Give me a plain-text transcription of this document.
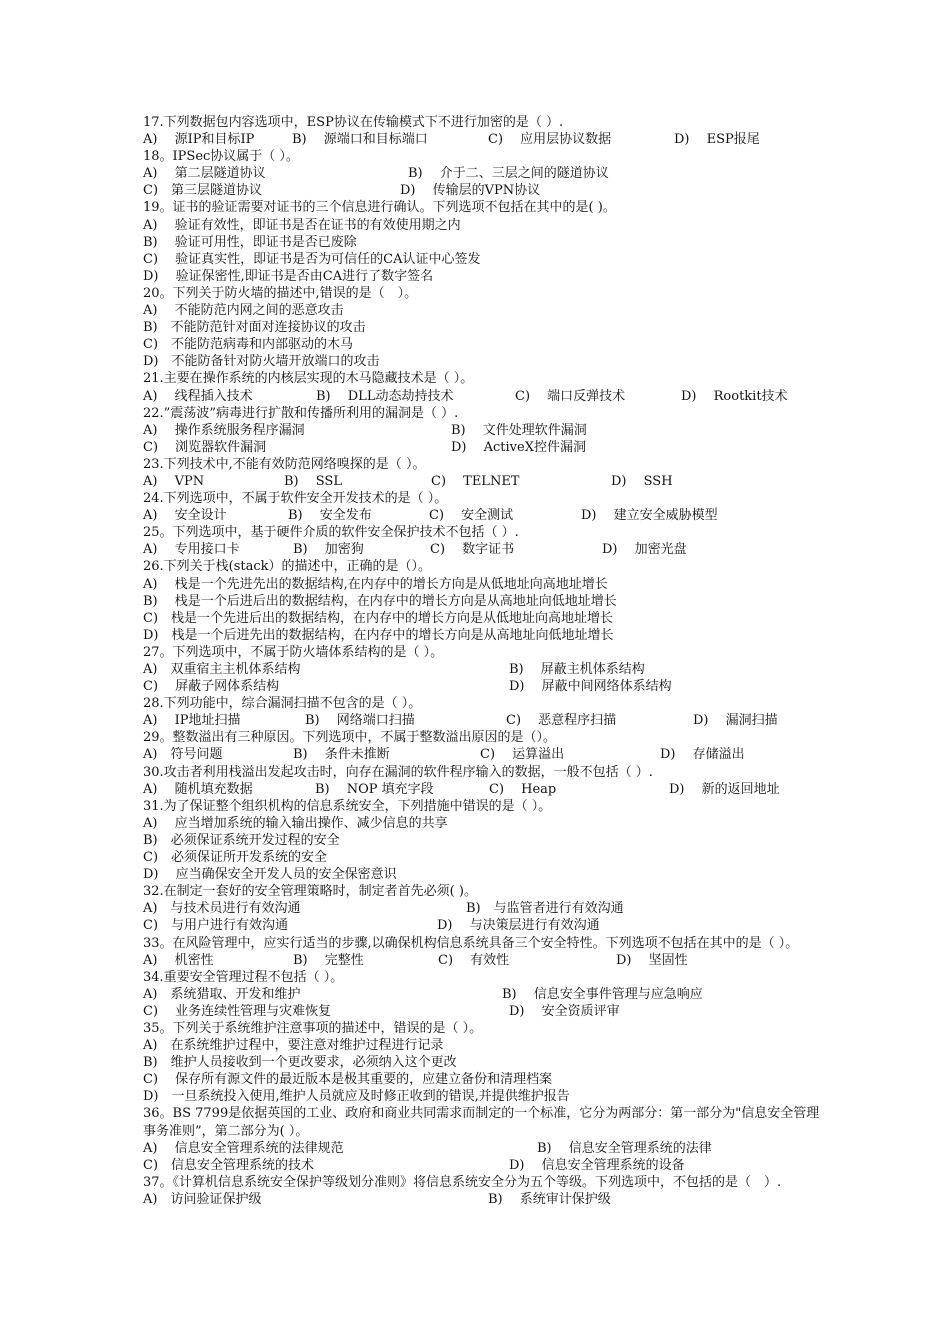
17.下列数据包内容选项中，ESP协议在传输模式下不进行加密的是（ ）.
A)　 源IP和目标IP	B)　 源端口和目标端口	C)　 应用层协议数据	D)　 ESP报尾
18。IPSec协议属于（ ）。
A)　 第二层隧道协议	B)　 介于二、三层之间的隧道协议
C)　第三层隧道协议	D)　 传输层的VPN协议
19。证书的验证需要对证书的三个信息进行确认。下列选项不包括在其中的是( )。
A)　 验证有效性，即证书是否在证书的有效使用期之内
B)　 验证可用性，即证书是否已废除
C)　 验证真实性，即证书是否为可信任的CA认证中心签发
D)　 验证保密性,即证书是否由CA进行了数字签名
20。下列关于防火墙的描述中,错误的是（　）。
A)　 不能防范内网之间的恶意攻击
B)　不能防范针对面对连接协议的攻击
C)　不能防范病毒和内部驱动的木马
D)　不能防备针对防火墙开放端口的攻击
21.主要在操作系统的内核层实现的木马隐藏技术是（ ）。
A)　 线程插入技术	B)　 DLL动态劫持技术	C)　 端口反弹技术	D)　 Rootkit技术
22.”震荡波”病毒进行扩散和传播所利用的漏洞是（ ）.
A)　 操作系统服务程序漏洞	B)　 文件处理软件漏洞
C)　 浏览器软件漏洞	D)　 ActiveX控件漏洞
23.下列技术中,不能有效防范网络嗅探的是（ ）。
A)　 VPN	B)　 SSL	C)　 TELNET	D)　 SSH
24.下列选项中，不属于软件安全开发技术的是（ ）。
A)　 安全设计	B)　 安全发布	C)　 安全测试	D)　 建立安全威胁模型
25。下列选项中，基于硬件介质的软件安全保护技术不包括（ ）.
A)　 专用接口卡	B)　 加密狗	C)　 数字证书	D)　 加密光盘
26.下列关于栈(stack）的描述中，正确的是（）。
A)　 栈是一个先进先出的数据结构,在内存中的增长方向是从低地址向高地址增长
B)　 栈是一个后进后出的数据结构，在内存中的增长方向是从高地址向低地址增长
C)　栈是一个先进后出的数据结构，在内存中的增长方向是从低地址向高地址增长
D)　栈是一个后进先出的数据结构，在内存中的增长方向是从高地址向低地址增长
27。下列选项中，不属于防火墙体系结构的是（ ）。
A)　双重宿主主机体系结构	B)　 屏蔽主机体系结构
C)　 屏蔽子网体系结构	D)　 屏蔽中间网络体系结构
28.下列功能中，综合漏洞扫描不包含的是（ ）。
A)　 IP地址扫描	B)　 网络端口扫描	C)　 恶意程序扫描	D)　 漏洞扫描
29。整数溢出有三种原因。下列选项中，不属于整数溢出原因的是（）。
A)　符号问题	B)　 条件未推断	C)　 运算溢出	D)　 存储溢出
30.攻击者利用栈溢出发起攻击时，向存在漏洞的软件程序输入的数据，一般不包括（ ）.
A)　 随机填充数据	B)　 NOP 填充字段	C)　 Heap	D)　 新的返回地址
31.为了保证整个组织机构的信息系统安全，下列措施中错误的是（ ）。
A)　 应当增加系统的输入输出操作、减少信息的共享
B)　必须保证系统开发过程的安全
C)　必须保证所开发系统的安全
D)　 应当确保安全开发人员的安全保密意识
32.在制定一套好的安全管理策略时，制定者首先必须( )。
A)　与技术员进行有效沟通	B)　与监管者进行有效沟通
C)　与用户进行有效沟通	D)　 与决策层进行有效沟通
33。在风险管理中，应实行适当的步骤,以确保机构信息系统具备三个安全特性。下列选项不包括在其中的是（ ）。
A)　 机密性	B)　 完整性	C)　 有效性	D)　 坚固性
34.重要安全管理过程不包括（ ）。
A)　系统猎取、开发和维护	B)　 信息安全事件管理与应急响应
C)　 业务连续性管理与灾难恢复	D)　 安全资质评审
35。下列关于系统维护注意事项的描述中，错误的是（ ）。
A)　在系统维护过程中，要注意对维护过程进行记录
B)　维护人员接收到一个更改要求，必须纳入这个更改
C)　 保存所有源文件的最近版本是极其重要的，应建立备份和清理档案
D)　一旦系统投入使用,维护人员就应及时修正收到的错误,并提供维护报告
36。BS 7799是依据英国的工业、政府和商业共同需求而制定的一个标准，它分为两部分：第一部分为"信息安全管理事务准则”，第二部分为( ）。
A)　 信息安全管理系统的法律规范	B)　 信息安全管理系统的法律
C)　信息安全管理系统的技术	D)　 信息安全管理系统的设备
37。《计算机信息系统安全保护等级划分准则》将信息系统安全分为五个等级。下列选项中，不包括的是（　）.
A)　访问验证保护级	B)　 系统审计保护级
